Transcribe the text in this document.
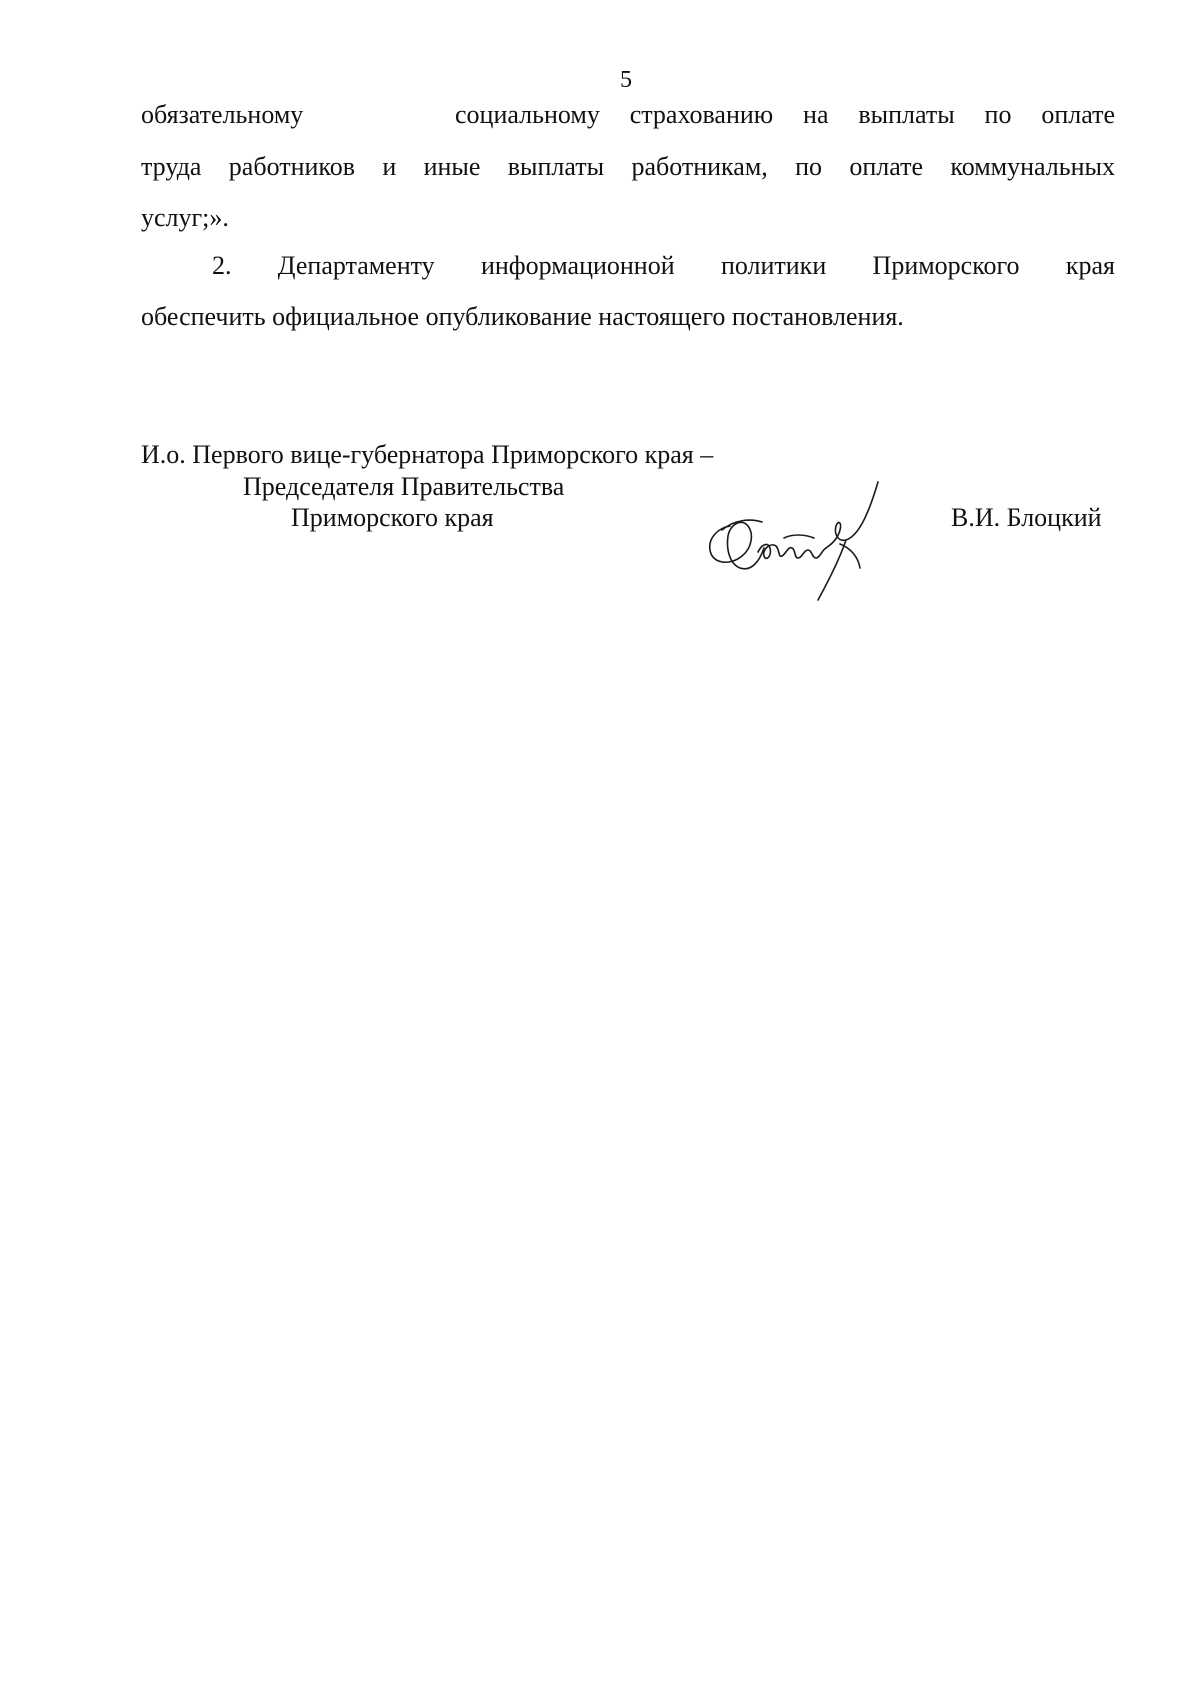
5
обязательному	социальному страхованию на выплаты по оплате
труда работников и иные выплаты работникам, по оплате коммунальных
услуг;».
2. Департаменту информационной политики Приморского края
обеспечить официальное опубликование настоящего постановления.
И.о. Первого вице-губернатора Приморского края –
Председателя Правительства
Приморского края	В.И. Блоцкий
